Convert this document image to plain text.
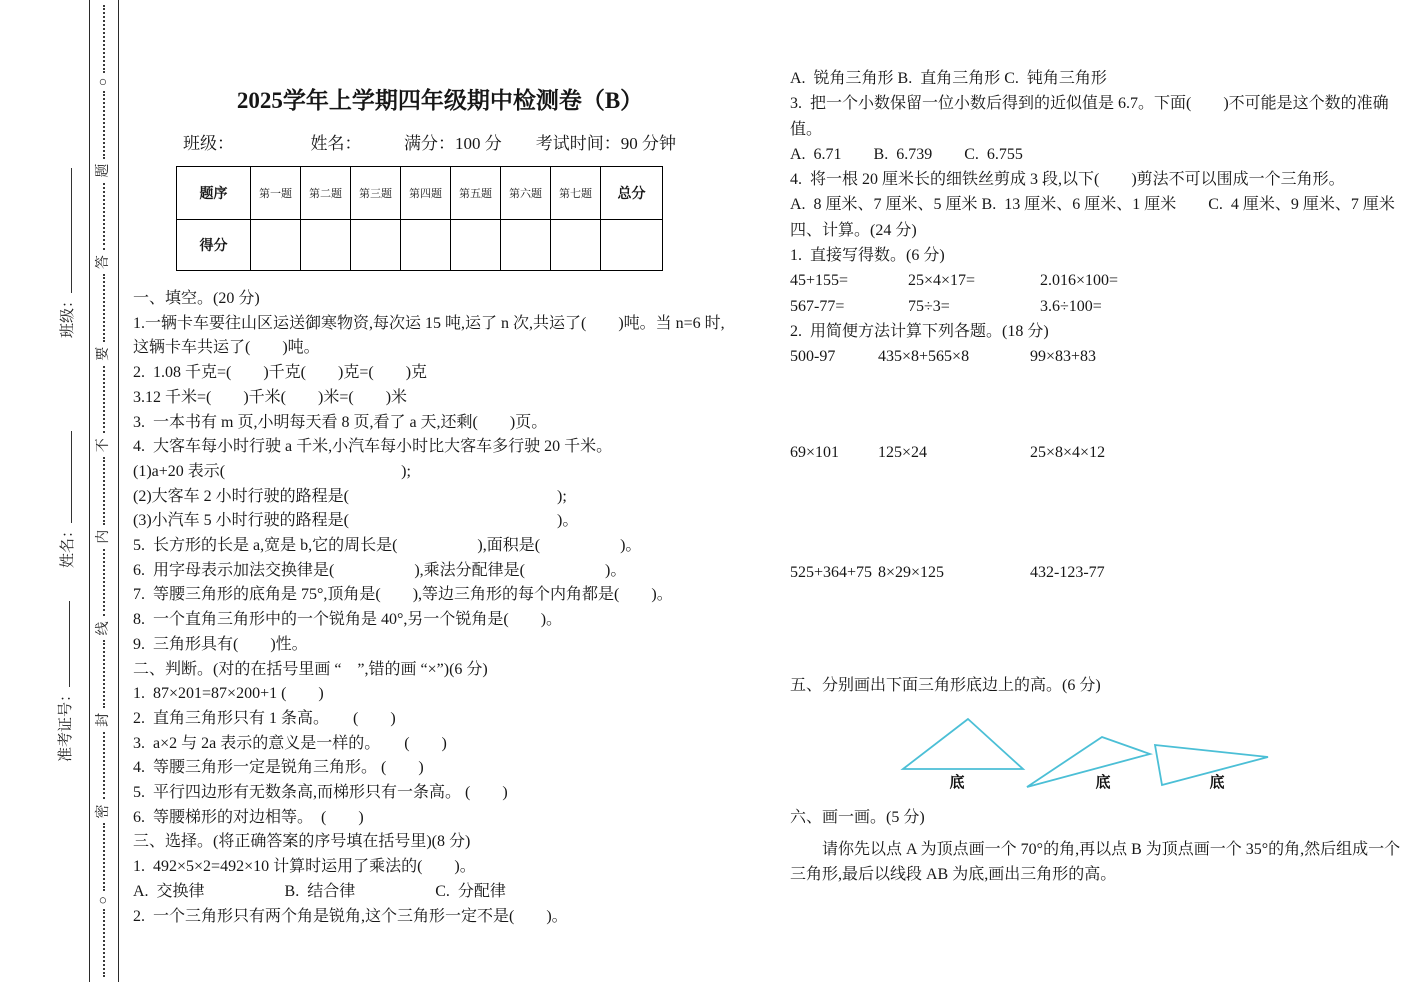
○
密
封
线
内
不
要
答
题
○
班级：
姓名：
准考证号：
2025学年上学期四年级期中检测卷（B）
班级：　　　　　姓名：　　　满分：100 分　　考试时间：90 分钟
题序	第一题	第二题	第三题	第四题	第五题	第六题	第七题	总分
得分								
一、填空。(20 分)
1.一辆卡车要往山区运送御寒物资,每次运 15 吨,运了 n 次,共运了(　　)吨。当 n=6 时,
这辆卡车共运了(　　)吨。
2.  1.08 千克=(　　)千克(　　)克=(　　)克
3.12 千米=(　　)千米(　　)米=(　　)米
3.  一本书有 m 页,小明每天看 8 页,看了 a 天,还剩(　　)页。
4.  大客车每小时行驶 a 千米,小汽车每小时比大客车多行驶 20 千米。
(1)a+20 表示(　　　　　　　　　　　);
(2)大客车 2 小时行驶的路程是(　　　　　　　　　　　　　);
(3)小汽车 5 小时行驶的路程是(　　　　　　　　　　　　　)。
5.  长方形的长是 a,宽是 b,它的周长是(　　　　　),面积是(　　　　　)。
6.  用字母表示加法交换律是(　　　　　),乘法分配律是(　　　　　)。
7.  等腰三角形的底角是 75°,顶角是(　　),等边三角形的每个内角都是(　　)。
8.  一个直角三角形中的一个锐角是 40°,另一个锐角是(　　)。
9.  三角形具有(　　)性。
二、判断。(对的在括号里画 “　”,错的画 “×”)(6 分)
1.  87×201=87×200+1 (　　)
2.  直角三角形只有 1 条高。　　(　　)
3.  a×2 与 2a 表示的意义是一样的。　　(　　)
4.  等腰三角形一定是锐角三角形。 (　　)
5.  平行四边形有无数条高,而梯形只有一条高。 (　　)
6.  等腰梯形的对边相等。　(　　)
三、选择。(将正确答案的序号填在括号里)(8 分)
1.  492×5×2=492×10 计算时运用了乘法的(　　)。
A.  交换律　　　　　B.  结合律　　　　　C.  分配律
2.  一个三角形只有两个角是锐角,这个三角形一定不是(　　)。
A.  锐角三角形 B.  直角三角形 C.  钝角三角形
3.  把一个小数保留一位小数后得到的近似值是 6.7。下面(　　)不可能是这个数的准确值。
A.  6.71　　B.  6.739　　C.  6.755
4.  将一根 20 厘米长的细铁丝剪成 3 段,以下(　　)剪法不可以围成一个三角形。
A.  8 厘米、7 厘米、5 厘米 B.  13 厘米、6 厘米、1 厘米　　C.  4 厘米、9 厘米、7 厘米
四、计算。(24 分)
1.  直接写得数。(6 分)
45+155=	25×4×17=	2.016×100=
567-77=	75÷3=	3.6÷100=
2.  用简便方法计算下列各题。(18 分)
500-97	435×8+565×8	99×83+83
69×101	125×24	25×8×4×12
525+364+75 8×29×125	432-123-77
五、分别画出下面三角形底边上的高。(6 分)
底	底	底
六、画一画。(5 分)
请你先以点 A 为顶点画一个 70°的角,再以点 B 为顶点画一个 35°的角,然后组成一个三角形,最后以线段 AB 为底,画出三角形的高。
